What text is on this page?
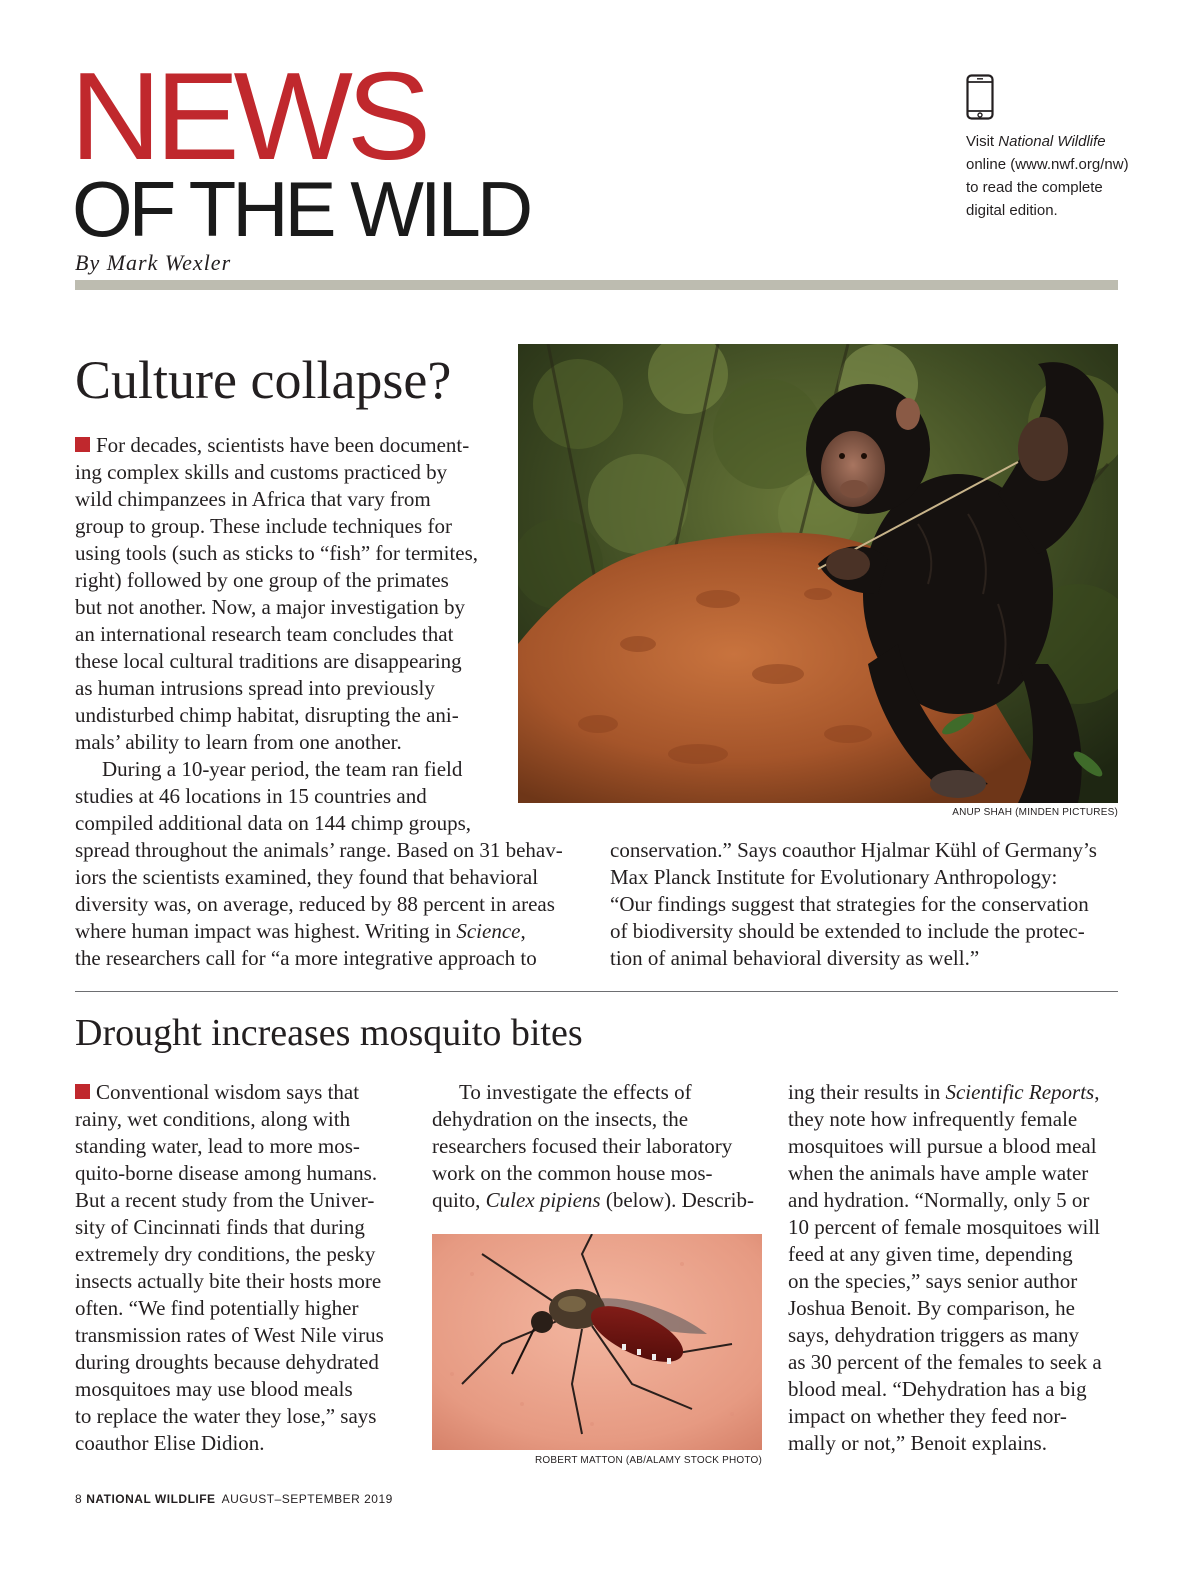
NEWS
OF THE WILD
By Mark Wexler
Visit National Wildlife online (www.nwf.org/nw) to read the complete digital edition.
Culture collapse?

For decades, scientists have been document-

ing complex skills and customs practiced by

wild chimpanzees in Africa that vary from

group to group. These include techniques for

using tools (such as sticks to “fish” for termites,

right) followed by one group of the primates

but not another. Now, a major investigation by

an international research team concludes that

these local cultural traditions are disappearing

as human intrusions spread into previously

undisturbed chimp habitat, disrupting the ani-

mals’ ability to learn from one another.

During a 10-year period, the team ran field

studies at 46 locations in 15 countries and

compiled additional data on 144 chimp groups,

spread throughout the animals’ range. Based on 31 behav-

iors the scientists examined, they found that behavioral

diversity was, on average, reduced by 88 percent in areas

where human impact was highest. Writing in Science,

the researchers call for “a more integrative approach to

conservation.” Says coauthor Hjalmar Kühl of Germany’s

Max Planck Institute for Evolutionary Anthropology:

“Our findings suggest that strategies for the conservation

of biodiversity should be extended to include the protec-

tion of animal behavioral diversity as well.”

ANUP SHAH (MINDEN PICTURES)
Drought increases mosquito bites

Conventional wisdom says that

rainy, wet conditions, along with

standing water, lead to more mos-

quito-borne disease among humans.

But a recent study from the Univer-

sity of Cincinnati finds that during

extremely dry conditions, the pesky

insects actually bite their hosts more

often. “We find potentially higher

transmission rates of West Nile virus

during droughts because dehydrated

mosquitoes may use blood meals

to replace the water they lose,” says

coauthor Elise Didion.

To investigate the effects of

dehydration on the insects, the

researchers focused their laboratory

work on the common house mos-

quito, Culex pipiens (below). Describ-

ROBERT MATTON (AB/ALAMY STOCK PHOTO)

ing their results in Scientific Reports,

they note how infrequently female

mosquitoes will pursue a blood meal

when the animals have ample water

and hydration. “Normally, only 5 or

10 percent of female mosquitoes will

feed at any given time, depending

on the species,” says senior author

Joshua Benoit. By comparison, he

says, dehydration triggers as many

as 30 percent of the females to seek a

blood meal. “Dehydration has a big

impact on whether they feed nor-

mally or not,” Benoit explains.

8 NATIONAL WILDLIFE AUGUST–SEPTEMBER 2019
